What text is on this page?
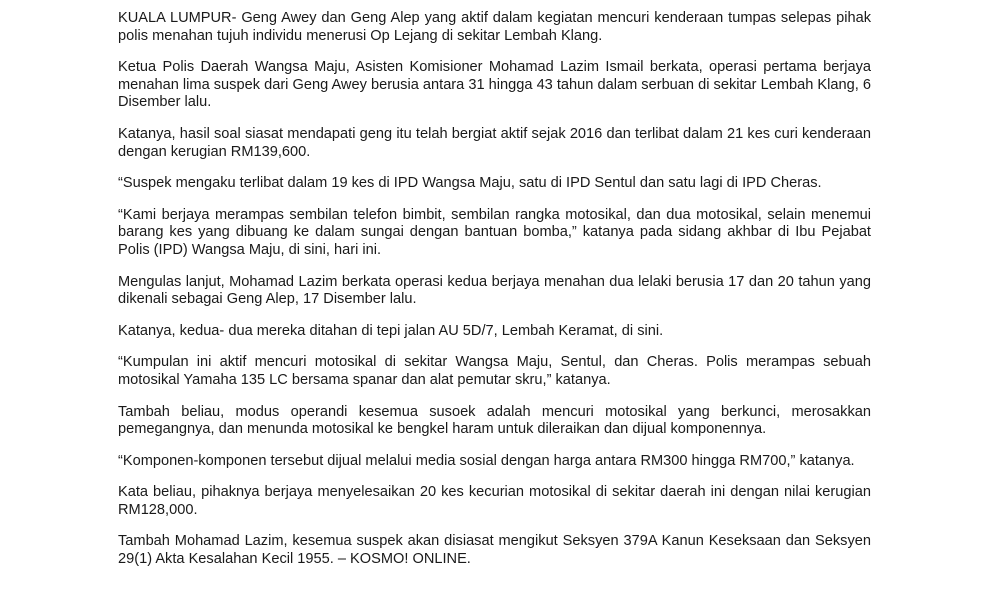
KUALA LUMPUR- Geng Awey dan Geng Alep yang aktif dalam kegiatan mencuri kenderaan tumpas selepas pihak polis menahan tujuh individu menerusi Op Lejang di sekitar Lembah Klang.

Ketua Polis Daerah Wangsa Maju, Asisten Komisioner Mohamad Lazim Ismail berkata, operasi pertama berjaya menahan lima suspek dari Geng Awey berusia antara 31 hingga 43 tahun dalam serbuan di sekitar Lembah Klang, 6 Disember lalu.

Katanya, hasil soal siasat mendapati geng itu telah bergiat aktif sejak 2016 dan terlibat dalam 21 kes curi kenderaan dengan kerugian RM139,600.

“Suspek mengaku terlibat dalam 19 kes di IPD Wangsa Maju, satu di IPD Sentul dan satu lagi di IPD Cheras.

“Kami berjaya merampas sembilan telefon bimbit, sembilan rangka motosikal, dan dua motosikal, selain menemui barang kes yang dibuang ke dalam sungai dengan bantuan bomba,” katanya pada sidang akhbar di Ibu Pejabat Polis (IPD) Wangsa Maju, di sini, hari ini.

Mengulas lanjut, Mohamad Lazim berkata operasi kedua berjaya menahan dua lelaki berusia 17 dan 20 tahun yang dikenali sebagai Geng Alep, 17 Disember lalu.

Katanya, kedua- dua mereka ditahan di tepi jalan AU 5D/7, Lembah Keramat, di sini.

“Kumpulan ini aktif mencuri motosikal di sekitar Wangsa Maju, Sentul, dan Cheras. Polis merampas sebuah motosikal Yamaha 135 LC bersama spanar dan alat pemutar skru,” katanya.

Tambah beliau, modus operandi kesemua susoek adalah mencuri motosikal yang berkunci, merosakkan pemegangnya, dan menunda motosikal ke bengkel haram untuk dileraikan dan dijual komponennya.

“Komponen-komponen tersebut dijual melalui media sosial dengan harga antara RM300 hingga RM700,” katanya.

Kata beliau, pihaknya berjaya menyelesaikan 20 kes kecurian motosikal di sekitar daerah ini dengan nilai kerugian RM128,000.

Tambah Mohamad Lazim, kesemua suspek akan disiasat mengikut Seksyen 379A Kanun Keseksaan dan Seksyen 29(1) Akta Kesalahan Kecil 1955. – KOSMO! ONLINE.
